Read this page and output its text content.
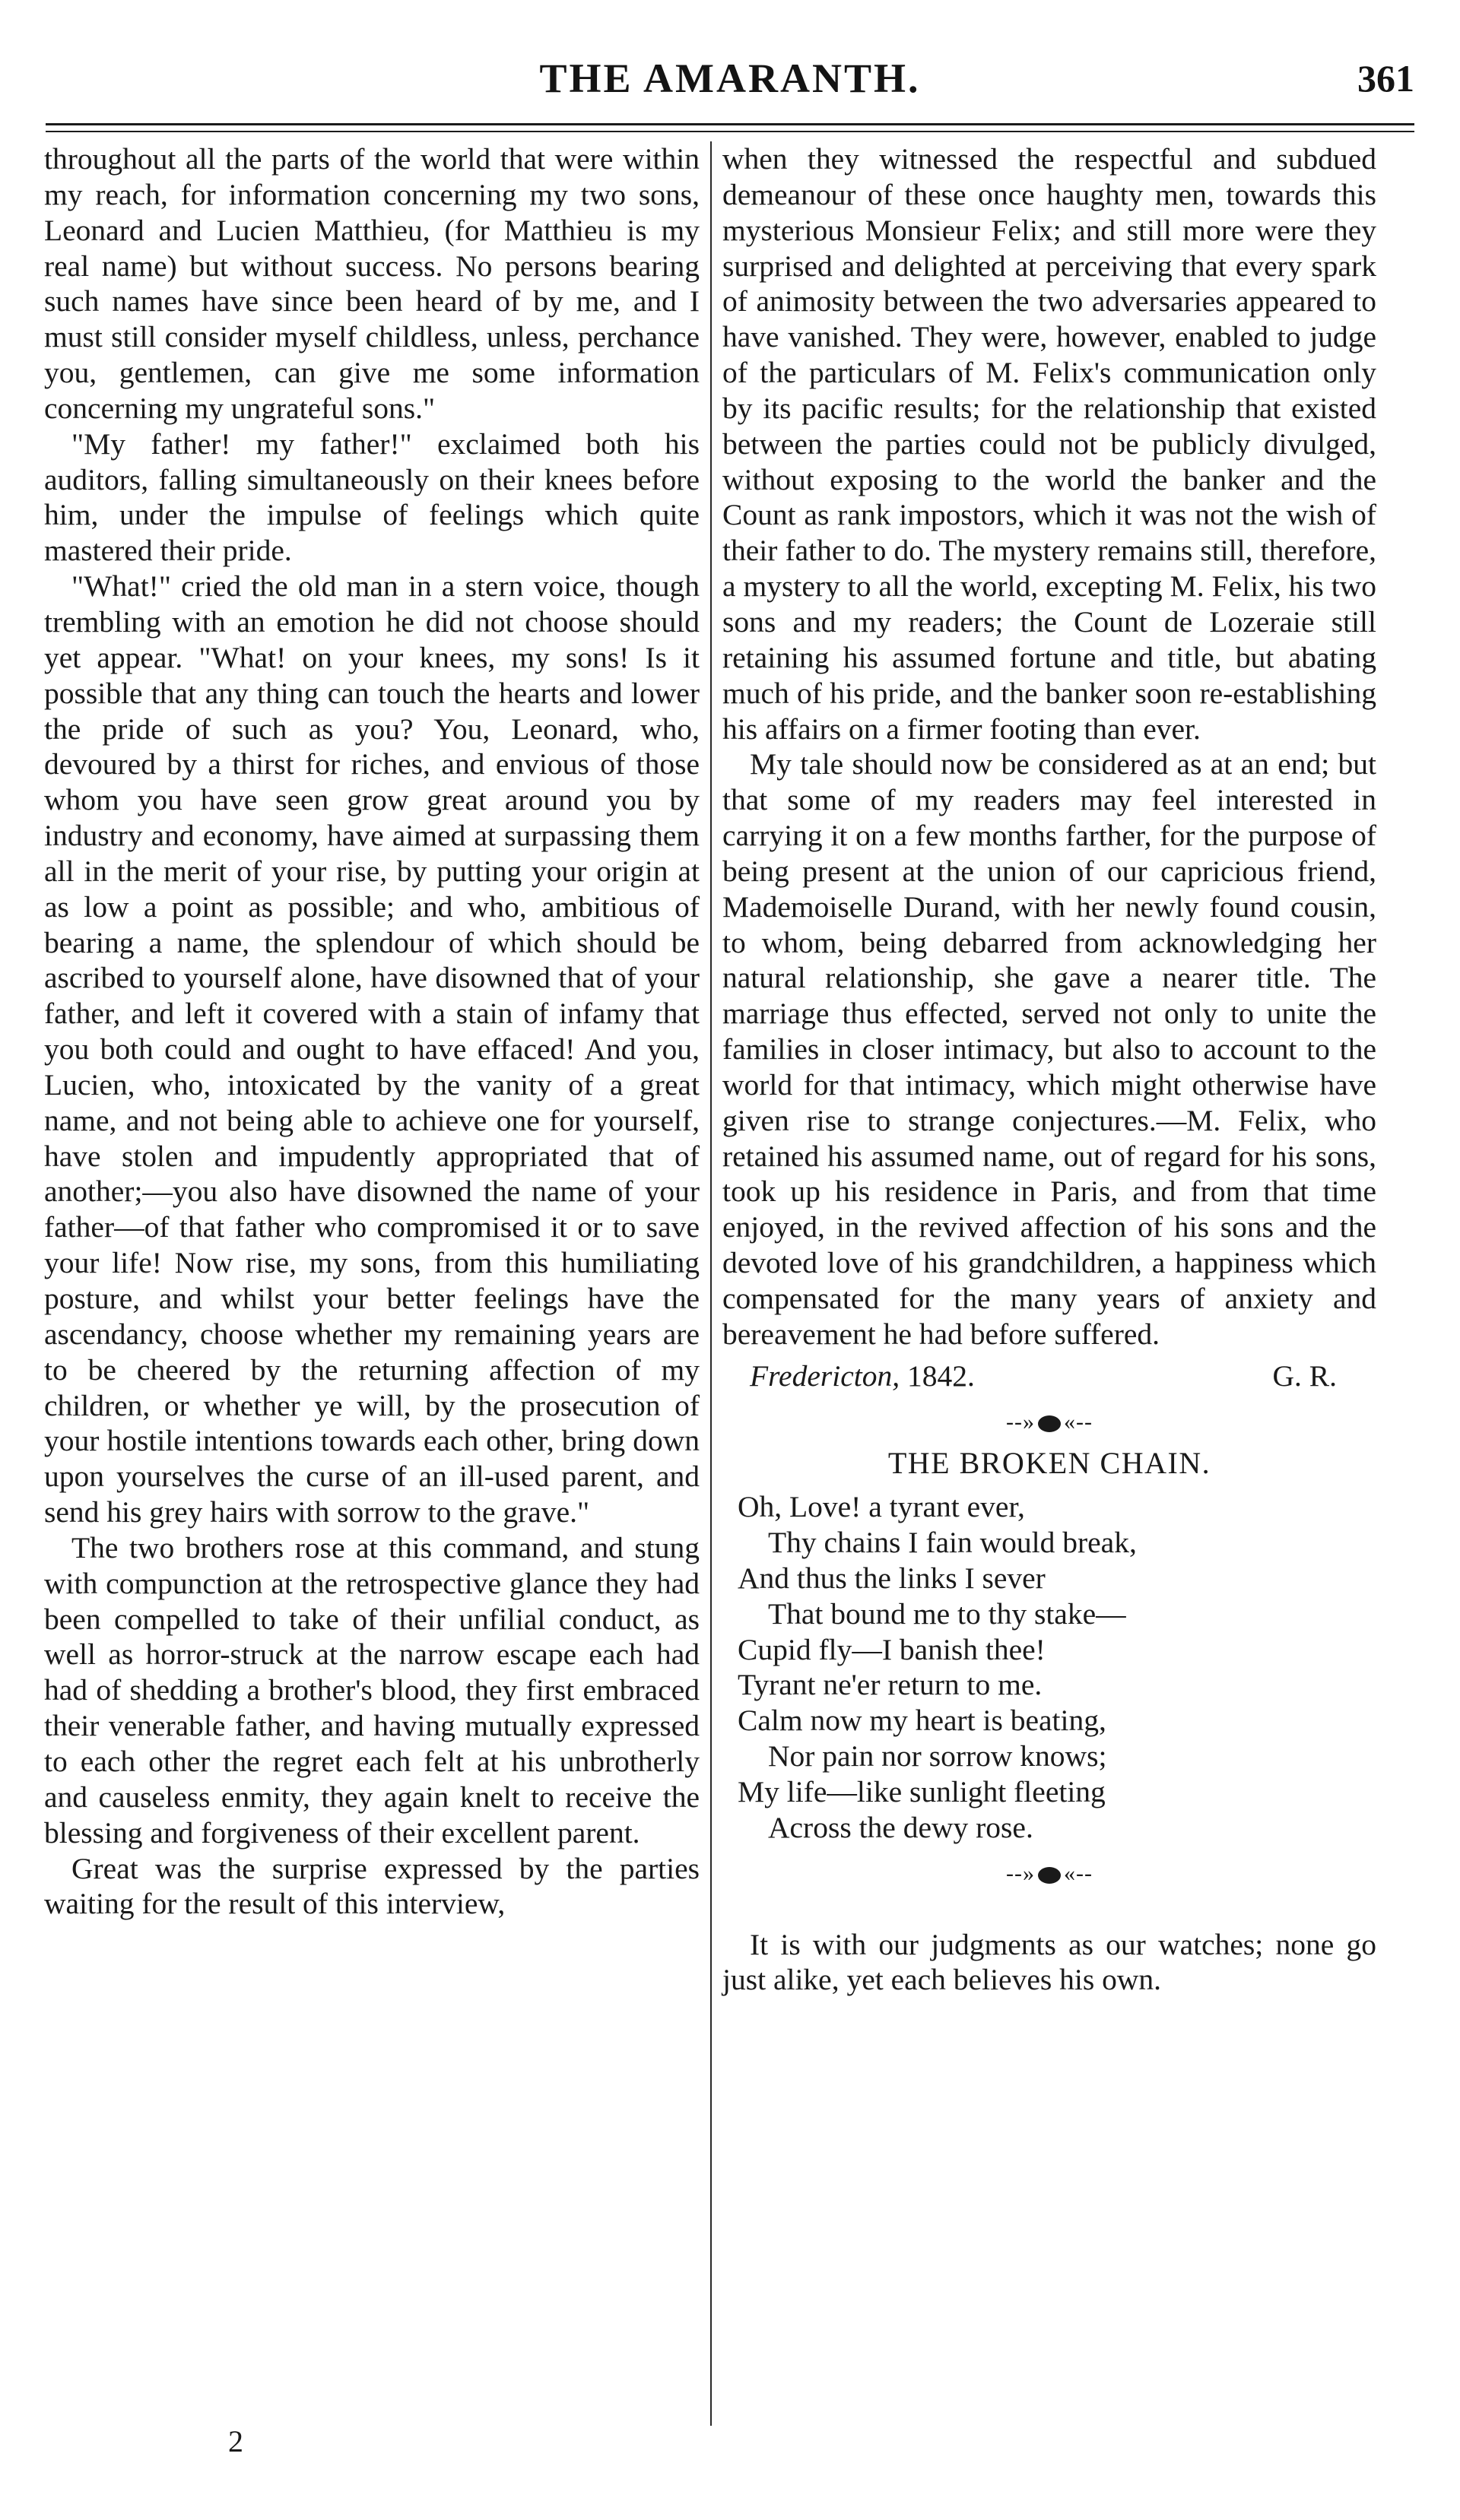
THE AMARANTH.	361

throughout all the parts of the world that were within my reach, for information concerning my two sons, Leonard and Lucien Matthieu, (for Matthieu is my real name) but without success. No persons bearing such names have since been heard of by me, and I must still consider myself childless, unless, perchance you, gentlemen, can give me some information concerning my ungrateful sons."

"My father! my father!" exclaimed both his auditors, falling simultaneously on their knees before him, under the impulse of feelings which quite mastered their pride.

"What!" cried the old man in a stern voice, though trembling with an emotion he did not choose should yet appear. "What! on your knees, my sons! Is it possible that any thing can touch the hearts and lower the pride of such as you? You, Leonard, who, devoured by a thirst for riches, and envious of those whom you have seen grow great around you by industry and economy, have aimed at surpassing them all in the merit of your rise, by putting your origin at as low a point as possible; and who, ambitious of bearing a name, the splendour of which should be ascribed to yourself alone, have disowned that of your father, and left it covered with a stain of infamy that you both could and ought to have effaced! And you, Lucien, who, intoxicated by the vanity of a great name, and not being able to achieve one for yourself, have stolen and impudently appropriated that of another;—you also have disowned the name of your father—of that father who compromised it or to save your life! Now rise, my sons, from this humiliating posture, and whilst your better feelings have the ascendancy, choose whether my remaining years are to be cheered by the returning affection of my children, or whether ye will, by the prosecution of your hostile intentions towards each other, bring down upon yourselves the curse of an ill-used parent, and send his grey hairs with sorrow to the grave."

The two brothers rose at this command, and stung with compunction at the retrospective glance they had been compelled to take of their unfilial conduct, as well as horror-struck at the narrow escape each had had of shedding a brother's blood, they first embraced their venerable father, and having mutually expressed to each other the regret each felt at his unbrotherly and causeless enmity, they again knelt to receive the blessing and forgiveness of their excellent parent.

Great was the surprise expressed by the parties waiting for the result of this interview,

when they witnessed the respectful and subdued demeanour of these once haughty men, towards this mysterious Monsieur Felix; and still more were they surprised and delighted at perceiving that every spark of animosity between the two adversaries appeared to have vanished. They were, however, enabled to judge of the particulars of M. Felix's communication only by its pacific results; for the relationship that existed between the parties could not be publicly divulged, without exposing to the world the banker and the Count as rank impostors, which it was not the wish of their father to do. The mystery remains still, therefore, a mystery to all the world, excepting M. Felix, his two sons and my readers; the Count de Lozeraie still retaining his assumed fortune and title, but abating much of his pride, and the banker soon re-establishing his affairs on a firmer footing than ever.

My tale should now be considered as at an end; but that some of my readers may feel interested in carrying it on a few months farther, for the purpose of being present at the union of our capricious friend, Mademoiselle Durand, with her newly found cousin, to whom, being debarred from acknowledging her natural relationship, she gave a nearer title. The marriage thus effected, served not only to unite the families in closer intimacy, but also to account to the world for that intimacy, which might otherwise have given rise to strange conjectures.—M. Felix, who retained his assumed name, out of regard for his sons, took up his residence in Paris, and from that time enjoyed, in the revived affection of his sons and the devoted love of his grandchildren, a happiness which compensated for the many years of anxiety and bereavement he had before suffered.

Fredericton, 1842.	G. R.
--» «--
THE BROKEN CHAIN.
Oh, Love! a tyrant ever,
Thy chains I fain would break,
And thus the links I sever
That bound me to thy stake—
Cupid fly—I banish thee!
Tyrant ne'er return to me.
Calm now my heart is beating,
Nor pain nor sorrow knows;
My life—like sunlight fleeting
Across the dewy rose.
--» «--

It is with our judgments as our watches; none go just alike, yet each believes his own.

2
